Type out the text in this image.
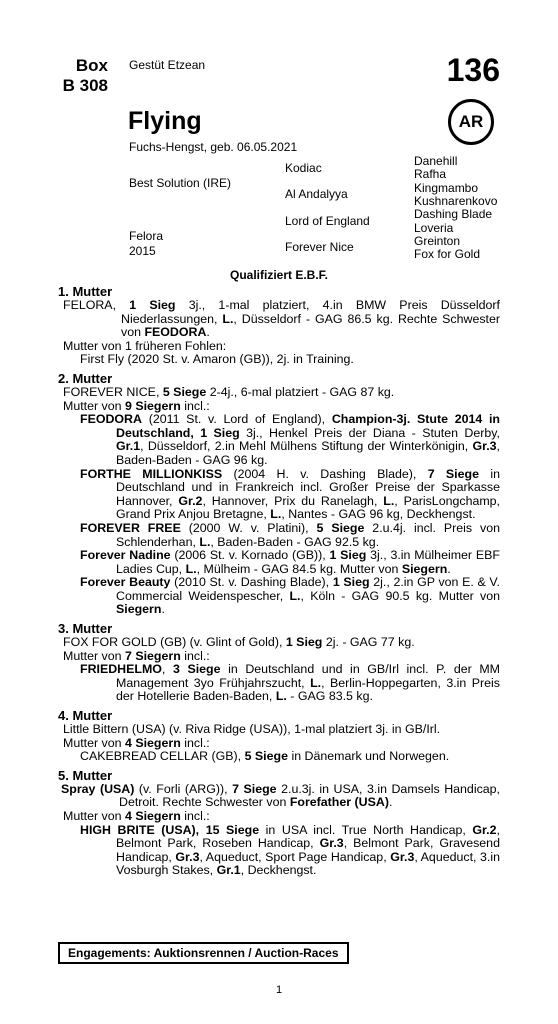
Box
B 308
Gestüt Etzean	136
AR
Flying
Fuchs-Hengst, geb. 06.05.2021
Best Solution (IRE)
Felora
2015
Kodiac
Al Andalyya
Lord of England
Forever Nice
Danehill
Rafha
Kingmambo
Kushnarenkovo
Dashing Blade
Loveria
Greinton
Fox for Gold
Qualifiziert E.B.F.
1. Mutter
FELORA, 1 Sieg 3j., 1-mal platziert, 4.in BMW Preis Düsseldorf Niederlassungen, L., Düsseldorf - GAG 86.5 kg. Rechte Schwester von FEODORA.
Mutter von 1 früheren Fohlen:
First Fly (2020 St. v. Amaron (GB)), 2j. in Training.
2. Mutter
FOREVER NICE, 5 Siege 2-4j., 6-mal platziert - GAG 87 kg.
Mutter von 9 Siegern incl.:
FEODORA (2011 St. v. Lord of England), Champion-3j. Stute 2014 in Deutschland, 1 Sieg 3j., Henkel Preis der Diana - Stuten Derby, Gr.1, Düsseldorf, 2.in Mehl Mülhens Stiftung der Winterkönigin, Gr.3, Baden-Baden - GAG 96 kg.
FORTHE MILLIONKISS (2004 H. v. Dashing Blade), 7 Siege in Deutschland und in Frankreich incl. Großer Preise der Sparkasse Hannover, Gr.2, Hannover, Prix du Ranelagh, L., ParisLongchamp, Grand Prix Anjou Bretagne, L., Nantes - GAG 96 kg, Deckhengst.
FOREVER FREE (2000 W. v. Platini), 5 Siege 2.u.4j. incl. Preis von Schlenderhan, L., Baden-Baden - GAG 92.5 kg.
Forever Nadine (2006 St. v. Kornado (GB)), 1 Sieg 3j., 3.in Mülheimer EBF Ladies Cup, L., Mülheim - GAG 84.5 kg. Mutter von Siegern.
Forever Beauty (2010 St. v. Dashing Blade), 1 Sieg 2j., 2.in GP von E. & V. Commercial Weidenspescher, L., Köln - GAG 90.5 kg. Mutter von Siegern.
3. Mutter
FOX FOR GOLD (GB) (v. Glint of Gold), 1 Sieg 2j. - GAG 77 kg.
Mutter von 7 Siegern incl.:
FRIEDHELMO, 3 Siege in Deutschland und in GB/Irl incl. P. der MM Management 3yo Frühjahrszucht, L., Berlin-Hoppegarten, 3.in Preis der Hotellerie Baden-Baden, L. - GAG 83.5 kg.
4. Mutter
Little Bittern (USA) (v. Riva Ridge (USA)), 1-mal platziert 3j. in GB/Irl.
Mutter von 4 Siegern incl.:
CAKEBREAD CELLAR (GB), 5 Siege in Dänemark und Norwegen.
5. Mutter
Spray (USA) (v. Forli (ARG)), 7 Siege 2.u.3j. in USA, 3.in Damsels Handicap, Detroit. Rechte Schwester von Forefather (USA).
Mutter von 4 Siegern incl.:
HIGH BRITE (USA), 15 Siege in USA incl. True North Handicap, Gr.2, Belmont Park, Roseben Handicap, Gr.3, Belmont Park, Gravesend Handicap, Gr.3, Aqueduct, Sport Page Handicap, Gr.3, Aqueduct, 3.in Vosburgh Stakes, Gr.1, Deckhengst.
Engagements: Auktionsrennen / Auction-Races
1
